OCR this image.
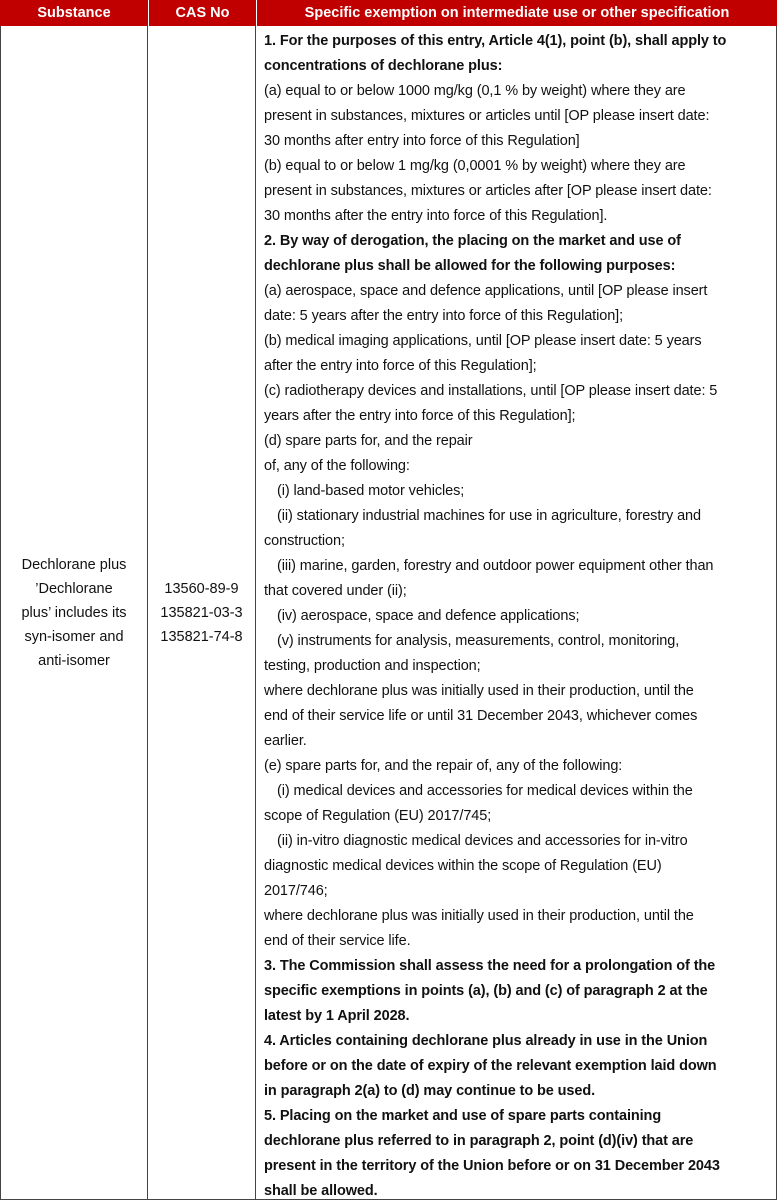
Substance	CAS No	Specific exemption on intermediate use or other specification
Dechlorane plus
’Dechlorane
plus’ includes its
syn-isomer and
anti-isomer
13560-89-9
135821-03-3
135821-74-8
1. For the purposes of this entry, Article 4(1), point (b), shall apply to
concentrations of dechlorane plus:
(a) equal to or below 1000 mg/kg (0,1 % by weight) where they are
present in substances, mixtures or articles until [OP please insert date:
30 months after entry into force of this Regulation]
(b) equal to or below 1 mg/kg (0,0001 % by weight) where they are
present in substances, mixtures or articles after [OP please insert date:
30 months after the entry into force of this Regulation].
2. By way of derogation, the placing on the market and use of
dechlorane plus shall be allowed for the following purposes:
(a) aerospace, space and defence applications, until [OP please insert
date: 5 years after the entry into force of this Regulation];
(b) medical imaging applications, until [OP please insert date: 5 years
after the entry into force of this Regulation];
(c) radiotherapy devices and installations, until [OP please insert date: 5
years after the entry into force of this Regulation];
(d) spare parts for, and the repair
of, any of the following:
(i) land-based motor vehicles;
(ii) stationary industrial machines for use in agriculture, forestry and
construction;
(iii) marine, garden, forestry and outdoor power equipment other than
that covered under (ii);
(iv) aerospace, space and defence applications;
(v) instruments for analysis, measurements, control, monitoring,
testing, production and inspection;
where dechlorane plus was initially used in their production, until the
end of their service life or until 31 December 2043, whichever comes
earlier.
(e) spare parts for, and the repair of, any of the following:
(i) medical devices and accessories for medical devices within the
scope of Regulation (EU) 2017/745;
(ii) in-vitro diagnostic medical devices and accessories for in-vitro
diagnostic medical devices within the scope of Regulation (EU)
2017/746;
where dechlorane plus was initially used in their production, until the
end of their service life.
3. The Commission shall assess the need for a prolongation of the
specific exemptions in points (a), (b) and (c) of paragraph 2 at the
latest by 1 April 2028.
4. Articles containing dechlorane plus already in use in the Union
before or on the date of expiry of the relevant exemption laid down
in paragraph 2(a) to (d) may continue to be used.
5. Placing on the market and use of spare parts containing
dechlorane plus referred to in paragraph 2, point (d)(iv) that are
present in the territory of the Union before or on 31 December 2043
shall be allowed.
